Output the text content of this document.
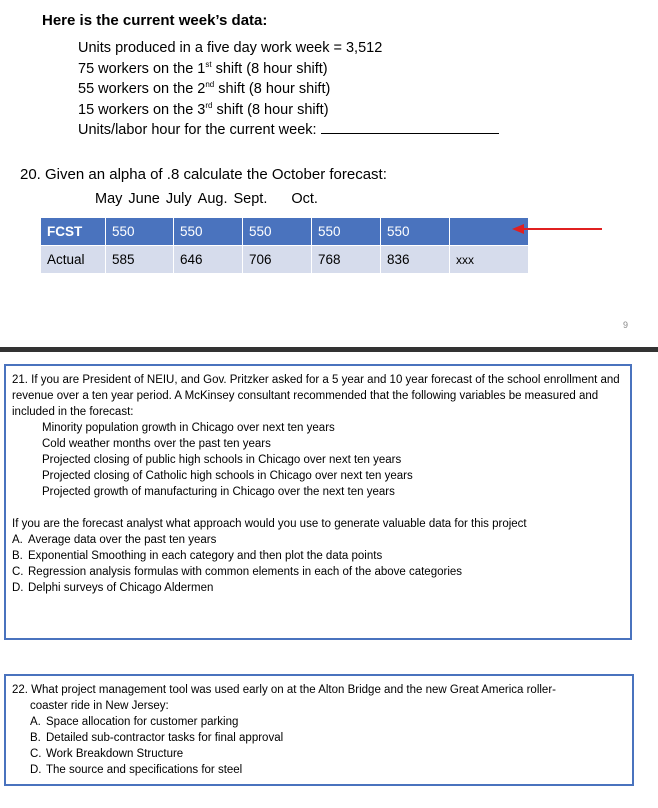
Here is the current week’s data:
Units produced in a five day work week = 3,512
75 workers on the 1st shift (8 hour shift)
55 workers on the 2nd shift (8 hour shift)
15 workers on the 3rd shift (8 hour shift)
Units/labor hour for the current week:
20. Given an alpha of .8 calculate the October forecast:
May June July Aug. Sept. Oct.
FCST	550	550	550	550	550	
Actual	585	646	706	768	836	xxx
9
21. If you are President of NEIU, and Gov. Pritzker asked for a 5 year and 10 year forecast of the school enrollment and revenue over a ten year period. A McKinsey consultant recommended that the following variables be measured and included in the forecast:
Minority population growth in Chicago over next ten years
Cold weather months over the past ten years
Projected closing of public high schools in Chicago over next ten years
Projected closing of Catholic high schools in Chicago over next ten years
Projected growth of manufacturing in Chicago over the next ten years
If you are the forecast analyst what approach would you use to generate valuable data for this project
A. Average data over the past ten years
B. Exponential Smoothing in each category and then plot the data points
C. Regression analysis formulas with common elements in each of the above categories
D. Delphi surveys of Chicago Aldermen
22. What project management tool was used early on at the Alton Bridge and the new Great America roller-
coaster ride in New Jersey:
A. Space allocation for customer parking
B. Detailed sub-contractor tasks for final approval
C. Work Breakdown Structure
D. The source and specifications for steel
